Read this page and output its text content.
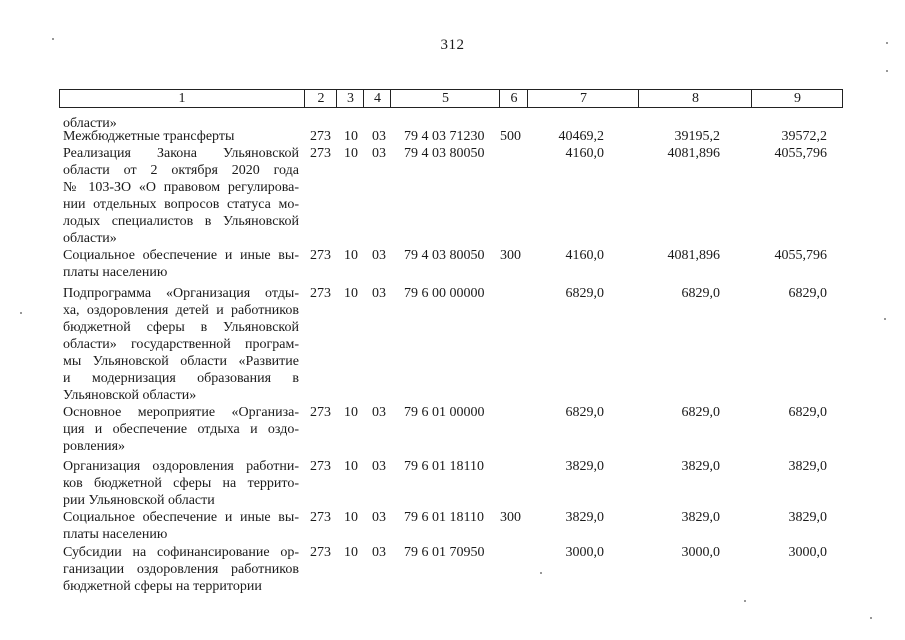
312
1	2	3	4	5	6	7	8	9
области»
Межбюджетные трансферты	273 10	03	79 4 03 71230	500	40469,2	39195,2	39572,2
Реализация Закона Ульяновской
области от 2 октября 2020 года
№ 103-ЗО «О правовом регулирова-
нии отдельных вопросов статуса мо-
лодых специалистов в Ульяновской
области»
273 10	03	79 4 03 80050	4160,0	4081,896	4055,796
Социальное обеспечение и иные вы-
платы населению
273 10	03	79 4 03 80050	300	4160,0	4081,896	4055,796
Подпрограмма «Организация отды-
ха, оздоровления детей и работников
бюджетной сферы в Ульяновской
области» государственной програм-
мы Ульяновской области «Развитие
и модернизация образования в
Ульяновской области»
273 10	03	79 6 00 00000	6829,0	6829,0	6829,0
Основное мероприятие «Организа-
ция и обеспечение отдыха и оздо-
ровления»
273 10	03	79 6 01 00000	6829,0	6829,0	6829,0
Организация оздоровления работни-
ков бюджетной сферы на террито-
рии Ульяновской области
273 10	03	79 6 01 18110	3829,0	3829,0	3829,0
Социальное обеспечение и иные вы-
платы населению
273 10	03	79 6 01 18110	300	3829,0	3829,0	3829,0
Субсидии на софинансирование ор-
ганизации оздоровления работников
бюджетной сферы на территории
273 10	03	79 6 01 70950	3000,0	3000,0	3000,0
